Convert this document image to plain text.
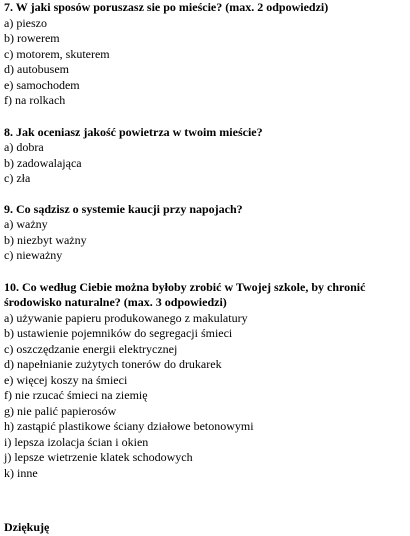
7. W jaki sposów poruszasz sie po mieście? (max. 2 odpowiedzi)
a) pieszo
b) rowerem
c) motorem, skuterem
d) autobusem
e) samochodem
f) na rolkach
8. Jak oceniasz jakość powietrza w twoim mieście?
a) dobra
b) zadowalająca
c) zła
9. Co sądzisz o systemie kaucji przy napojach?
a) ważny
b) niezbyt ważny
c) nieważny
10. Co według Ciebie można byłoby zrobić w Twojej szkole, by chronić środowisko naturalne? (max. 3 odpowiedzi)
a) używanie papieru produkowanego z makulatury
b) ustawienie pojemników do segregacji śmieci
c) oszczędzanie energii elektrycznej
d) napełnianie zużytych tonerów do drukarek
e) więcej koszy na śmieci
f) nie rzucać śmieci na ziemię
g) nie palić papierosów
h) zastąpić plastikowe ściany działowe betonowymi
i) lepsza izolacja ścian i okien
j) lepsze wietrzenie klatek schodowych
k) inne
Dziękuję
